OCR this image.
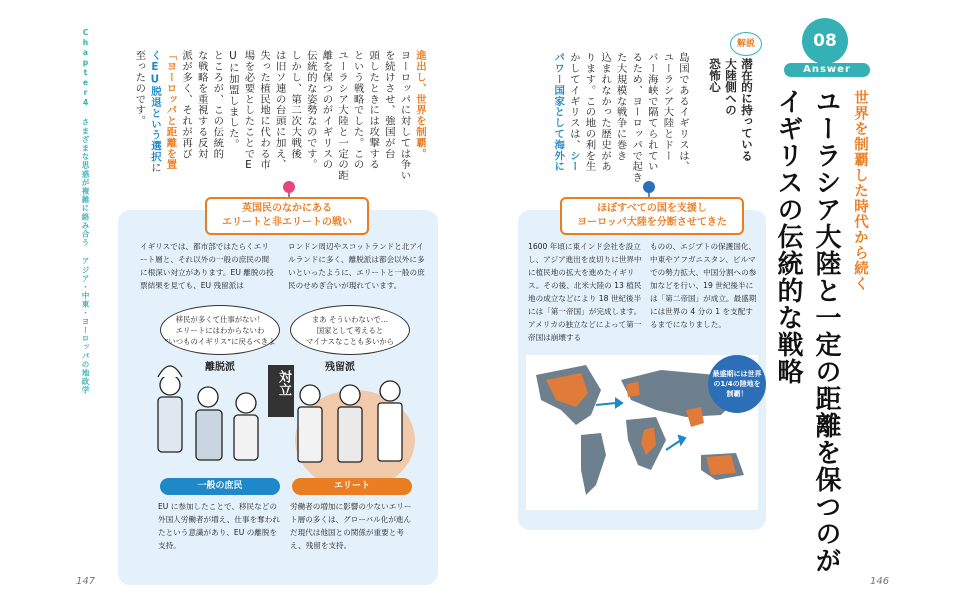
Chapter4 さまざまな思惑が複雑に絡み合う アジア・中東・ヨーロッパの地政学	進出し、世界を制覇。
ヨーロッパに対しては争い
を続けさせ、強国が台
頭したときには攻撃する
という戦略でした。この
ユーラシア大陸と一定の距
離を保つのがイギリスの
伝統的な姿勢なのです。
しかし、第二次大戦後
は旧ソ連の台頭に加え、
失った植民地に代わる市
場を必要としたことでE
Uに加盟しました。
ところが、この伝統的
な戦略を重視する反対
派が多く、それが再び
「ヨーロッパと距離を置
くEU脱退という選択に
至ったのです。
英国民のなかにある
エリートと非エリートの戦い
イギリスでは、都市部ではたらくエリート層と、それ以外の一般の庶民の間に根深い対立があります。EU 離脱の投票結果を見ても、EU 残留派は
ロンドン周辺やスコットランドと北アイルランドに多く、離脱派は都会以外に多いといったように、エリートと一般の庶民のせめぎ合いが現れています。
移民が多くて仕事がない！
エリートにはわからないわ
“いつものイギリス”に戻るべきよ
まあ そういわないで…
国家として考えると
マイナスなことも多いから
離脱派	残留派
対立
一般の庶民	エリート
EU に参加したことで、移民などの外国人労働者が増え、仕事を奪われたという意識があり、EU の離脱を支持。
労働者の増加に影響の少ないエリート層の多くは、グローバル化が進んだ現代は他国との関係が重要と考え、残留を支持。
147
08
Answer
世界を制覇した時代から続く
ユーラシア大陸と一定の距離を保つのが
イギリスの伝統的な戦略
解説
潜在的に持っている
大陸側への
恐怖心
島国であるイギリスは、
ユーラシア大陸とドー
バー海峡で隔てられてい
るため、ヨーロッパで起き
た大規模な戦争に巻き
込まれなかった歴史があ
ります。この地の利を生
かしてイギリスは、シー
パワー国家として海外に
ほぼすべての国を支援し
ヨーロッパ大陸を分断させてきた
1600 年頃に東インド会社を設立し、アジア進出を皮切りに世界中に植民地の拡大を進めたイギリス。その後、北米大陸の 13 植民地の成立などにより 18 世紀後半には「第一帝国」が完成します。アメリカの独立などによって第一帝国は崩壊する
ものの、エジプトの保護国化、中東やアフガニスタン、ビルマでの勢力拡大、中国分割への参加などを行い、19 世紀後半には「第二帝国」が成立。最盛期には世界の 4 分の 1 を支配するまでになりました。
最盛期には世界の1/4の陸地を制覇！
146
